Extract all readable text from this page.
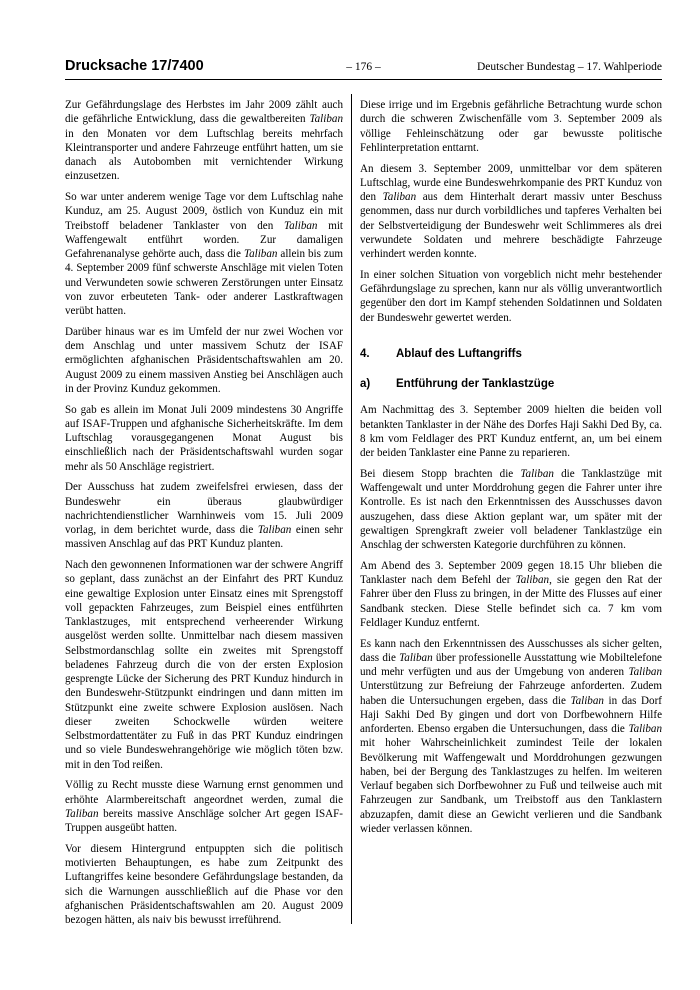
Drucksache 17/7400	– 176 –	Deutscher Bundestag – 17. Wahlperiode

Zur Gefährdungslage des Herbstes im Jahr 2009 zählt auch die gefährliche Entwicklung, dass die gewaltbereiten Taliban in den Monaten vor dem Luftschlag bereits mehrfach Kleintransporter und andere Fahrzeuge entführt hatten, um sie danach als Autobomben mit vernichtender Wirkung einzusetzen.

So war unter anderem wenige Tage vor dem Luftschlag nahe Kunduz, am 25. August 2009, östlich von Kunduz ein mit Treibstoff beladener Tanklaster von den Taliban mit Waffengewalt entführt worden. Zur damaligen Gefahrenanalyse gehörte auch, dass die Taliban allein bis zum 4. September 2009 fünf schwerste Anschläge mit vielen Toten und Verwundeten sowie schweren Zerstörungen unter Einsatz von zuvor erbeuteten Tank- oder anderer Lastkraftwagen verübt hatten.

Darüber hinaus war es im Umfeld der nur zwei Wochen vor dem Anschlag und unter massivem Schutz der ISAF ermöglichten afghanischen Präsidentschaftswahlen am 20. August 2009 zu einem massiven Anstieg bei Anschlägen auch in der Provinz Kunduz gekommen.

So gab es allein im Monat Juli 2009 mindestens 30 Angriffe auf ISAF-Truppen und afghanische Sicherheitskräfte. Im dem Luftschlag vorausgegangenen Monat August bis einschließlich nach der Präsidentschaftswahl wurden sogar mehr als 50 Anschläge registriert.

Der Ausschuss hat zudem zweifelsfrei erwiesen, dass der Bundeswehr ein überaus glaubwürdiger nachrichtendienstlicher Warnhinweis vom 15. Juli 2009 vorlag, in dem berichtet wurde, dass die Taliban einen sehr massiven Anschlag auf das PRT Kunduz planten.

Nach den gewonnenen Informationen war der schwere Angriff so geplant, dass zunächst an der Einfahrt des PRT Kunduz eine gewaltige Explosion unter Einsatz eines mit Sprengstoff voll gepackten Fahrzeuges, zum Beispiel eines entführten Tanklastzuges, mit entsprechend verheerender Wirkung ausgelöst werden sollte. Unmittelbar nach diesem massiven Selbstmordanschlag sollte ein zweites mit Sprengstoff beladenes Fahrzeug durch die von der ersten Explosion gesprengte Lücke der Sicherung des PRT Kunduz hindurch in den Bundeswehr-Stützpunkt eindringen und dann mitten im Stützpunkt eine zweite schwere Explosion auslösen. Nach dieser zweiten Schockwelle würden weitere Selbstmordattentäter zu Fuß in das PRT Kunduz eindringen und so viele Bundeswehrangehörige wie möglich töten bzw. mit in den Tod reißen.

Völlig zu Recht musste diese Warnung ernst genommen und erhöhte Alarmbereitschaft angeordnet werden, zumal die Taliban bereits massive Anschläge solcher Art gegen ISAF-Truppen ausgeübt hatten.

Vor diesem Hintergrund entpuppten sich die politisch motivierten Behauptungen, es habe zum Zeitpunkt des Luftangriffes keine besondere Gefährdungslage bestanden, da sich die Warnungen ausschließlich auf die Phase vor den afghanischen Präsidentschaftswahlen am 20. August 2009 bezogen hätten, als naiv bis bewusst irreführend.

Diese irrige und im Ergebnis gefährliche Betrachtung wurde schon durch die schweren Zwischenfälle vom 3. September 2009 als völlige Fehleinschätzung oder gar bewusste politische Fehlinterpretation enttarnt.

An diesem 3. September 2009, unmittelbar vor dem späteren Luftschlag, wurde eine Bundeswehrkompanie des PRT Kunduz von den Taliban aus dem Hinterhalt derart massiv unter Beschuss genommen, dass nur durch vorbildliches und tapferes Verhalten bei der Selbstverteidigung der Bundeswehr weit Schlimmeres als drei verwundete Soldaten und mehrere beschädigte Fahrzeuge verhindert werden konnte.

In einer solchen Situation von vorgeblich nicht mehr bestehender Gefährdungslage zu sprechen, kann nur als völlig unverantwortlich gegenüber den dort im Kampf stehenden Soldatinnen und Soldaten der Bundeswehr gewertet werden.

4.	Ablauf des Luftangriffs
a)	Entführung der Tanklastzüge

Am Nachmittag des 3. September 2009 hielten die beiden voll betankten Tanklaster in der Nähe des Dorfes Haji Sakhi Ded By, ca. 8 km vom Feldlager des PRT Kunduz entfernt, an, um bei einem der beiden Tanklaster eine Panne zu reparieren.

Bei diesem Stopp brachten die Taliban die Tanklastzüge mit Waffengewalt und unter Morddrohung gegen die Fahrer unter ihre Kontrolle. Es ist nach den Erkenntnissen des Ausschusses davon auszugehen, dass diese Aktion geplant war, um später mit der gewaltigen Sprengkraft zweier voll beladener Tanklastzüge ein Anschlag der schwersten Kategorie durchführen zu können.

Am Abend des 3. September 2009 gegen 18.15 Uhr blieben die Tanklaster nach dem Befehl der Taliban, sie gegen den Rat der Fahrer über den Fluss zu bringen, in der Mitte des Flusses auf einer Sandbank stecken. Diese Stelle befindet sich ca. 7 km vom Feldlager Kunduz entfernt.

Es kann nach den Erkenntnissen des Ausschusses als sicher gelten, dass die Taliban über professionelle Ausstattung wie Mobiltelefone und mehr verfügten und aus der Umgebung von anderen Taliban Unterstützung zur Befreiung der Fahrzeuge anforderten. Zudem haben die Untersuchungen ergeben, dass die Taliban in das Dorf Haji Sakhi Ded By gingen und dort von Dorfbewohnern Hilfe anforderten. Ebenso ergaben die Untersuchungen, dass die Taliban mit hoher Wahrscheinlichkeit zumindest Teile der lokalen Bevölkerung mit Waffengewalt und Morddrohungen gezwungen haben, bei der Bergung des Tanklastzuges zu helfen. Im weiteren Verlauf begaben sich Dorfbewohner zu Fuß und teilweise auch mit Fahrzeugen zur Sandbank, um Treibstoff aus den Tanklastern abzuzapfen, damit diese an Gewicht verlieren und die Sandbank wieder verlassen können.
